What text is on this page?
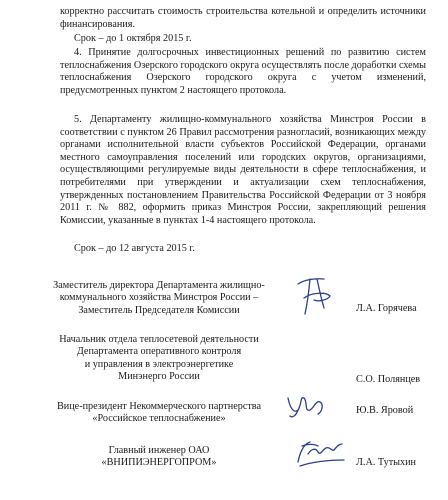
корректно рассчитать стоимость строительства котельной и определить источники финансирования.
Срок – до 1 октября 2015 г.
4. Принятие долгосрочных инвестиционных решений по развитию систем теплоснабжения Озерского городского округа осуществлять после доработки схемы теплоснабжения Озерского городского округа с учетом изменений, предусмотренных пунктом 2 настоящего протокола.
5. Департаменту жилищно-коммунального хозяйства Минстроя России в соответствии с пунктом 26 Правил рассмотрения разногласий, возникающих между органами исполнительной власти субъектов Российской Федерации, органами местного самоуправления поселений или городских округов, организациями, осуществляющими регулируемые виды деятельности в сфере теплоснабжения, и потребителями при утверждении и актуализации схем теплоснабжения, утвержденных постановлением Правительства Российской Федерации от 3 ноября 2011 г. № 882, оформить приказ Минстроя России, закрепляющий решения Комиссии, указанные в пунктах 1-4 настоящего протокола.
Срок – до 12 августа 2015 г.
Заместитель директора Департамента жилищно-
коммунального хозяйства Минстроя России –
Заместитель Председателя Комиссии	Л.А. Горячева
Начальник отдела теплосетевой деятельности
Департамента оперативного контроля
и управления в электроэнергетике
Минэнерго России	С.О. Полянцев
Вице-президент Некоммерческого партнерства
«Российское теплоснабжение»
Ю.В. Яровой
Главный инженер ОАО
«ВНИПИЭНЕРГОПРОМ»	Л.А. Тутыхин
